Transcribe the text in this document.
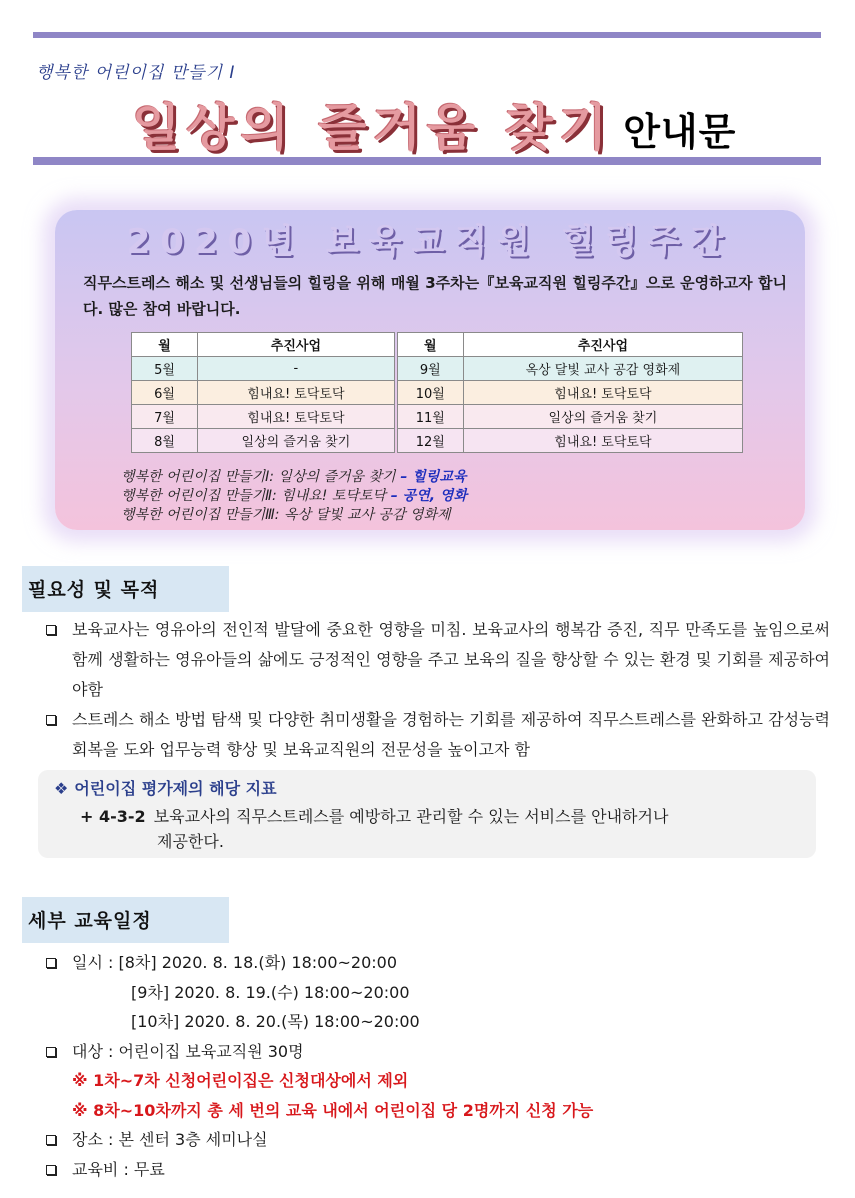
행복한 어린이집 만들기 I
일상의 즐거움 찾기 안내문
2020년 보육교직원 힐링주간
직무스트레스 해소 및 선생님들의 힐링을 위해 매월 3주차는『보육교직원 힐링주간』으로 운영하고자 합니다. 많은 참여 바랍니다.
월	추진사업		월	추진사업
5월	-		9월	옥상 달빛 교사 공감 영화제
6월	힘내요! 토닥토닥		10월	힘내요! 토닥토닥
7월	힘내요! 토닥토닥		11월	일상의 즐거움 찾기
8월	일상의 즐거움 찾기		12월	힘내요! 토닥토닥
행복한 어린이집 만들기Ⅰ: 일상의 즐거움 찾기 – 힐링교육
행복한 어린이집 만들기Ⅱ: 힘내요! 토닥토닥 – 공연, 영화
행복한 어린이집 만들기Ⅲ: 옥상 달빛 교사 공감 영화제
필요성 및 목적
보육교사는 영유아의 전인적 발달에 중요한 영향을 미침. 보육교사의 행복감 증진, 직무 만족도를 높임으로써 함께 생활하는 영유아들의 삶에도 긍정적인 영향을 주고 보육의 질을 향상할 수 있는 환경 및 기회를 제공하여야함
스트레스 해소 방법 탐색 및 다양한 취미생활을 경험하는 기회를 제공하여 직무스트레스를 완화하고 감성능력회복을 도와 업무능력 향상 및 보육교직원의 전문성을 높이고자 함
❖ 어린이집 평가제의 해당 지표
+ 4-3-2 보육교사의 직무스트레스를 예방하고 관리할 수 있는 서비스를 안내하거나
제공한다.
세부 교육일정
일시 : [8차] 2020. 8. 18.(화) 18:00~20:00
[9차] 2020. 8. 19.(수) 18:00~20:00
[10차] 2020. 8. 20.(목) 18:00~20:00
대상 : 어린이집 보육교직원 30명
※ 1차~7차 신청어린이집은 신청대상에서 제외
※ 8차~10차까지 총 세 번의 교육 내에서 어린이집 당 2명까지 신청 가능
장소 : 본 센터 3층 세미나실
교육비 : 무료
